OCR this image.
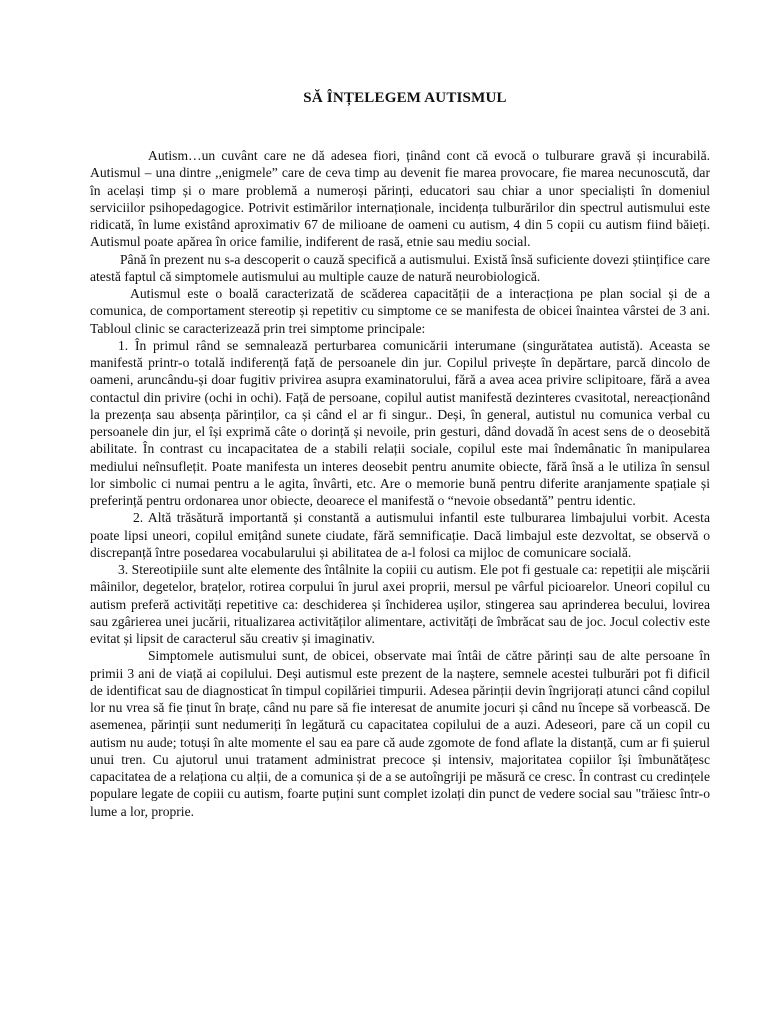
SĂ ÎNȚELEGEM AUTISMUL

Autism…un cuvânt care ne dă adesea fiori, ținând cont că evocă o tulburare gravă și incurabilă. Autismul – una dintre ,,enigmele” care de ceva timp au devenit fie marea provocare, fie marea necunoscută, dar în același timp și o mare problemă a numeroși părinți, educatori sau chiar a unor specialiști în domeniul serviciilor psihopedagogice. Potrivit estimărilor internaționale, incidența tulburărilor din spectrul autismului este ridicată, în lume existând aproximativ 67 de milioane de oameni cu autism, 4 din 5 copii cu autism fiind băieți. Autismul poate apărea în orice familie, indiferent de rasă, etnie sau mediu social.

Până în prezent nu s-a descoperit o cauză specifică a autismului. Există însă suficiente dovezi științifice care atestă faptul că simptomele autismului au multiple cauze de natură neurobiologică.

Autismul este o boală caracterizată de scăderea capacității de a interacționa pe plan social și de a comunica, de comportament stereotip și repetitiv cu simptome ce se manifesta de obicei înaintea vârstei de 3 ani. Tabloul clinic se caracterizează prin trei simptome principale:

1. În primul rând se semnalează perturbarea comunicării interumane (singurătatea autistă). Aceasta se manifestă printr-o totală indiferență față de persoanele din jur. Copilul privește în depărtare, parcă dincolo de oameni, aruncându-și doar fugitiv privirea asupra examinatorului, fără a avea acea privire sclipitoare, fără a avea contactul din privire (ochi in ochi). Față de persoane, copilul autist manifestă dezinteres cvasitotal, nereacționând la prezența sau absența părinților, ca și când el ar fi singur.. Deși, în general, autistul nu comunica verbal cu persoanele din jur, el își exprimă câte o dorință și nevoile, prin gesturi, dând dovadă în acest sens de o deosebită abilitate. În contrast cu incapacitatea de a stabili relații sociale, copilul este mai îndemânatic în manipularea mediului neînsuflețit. Poate manifesta un interes deosebit pentru anumite obiecte, fără însă a le utiliza în sensul lor simbolic ci numai pentru a le agita, învârti, etc. Are o memorie bună pentru diferite aranjamente spațiale și preferință pentru ordonarea unor obiecte, deoarece el manifestă o “nevoie obsedantă” pentru identic.

2. Altă trăsătură importantă și constantă a autismului infantil este tulburarea limbajului vorbit. Acesta poate lipsi uneori, copilul emițând sunete ciudate, fără semnificație. Dacă limbajul este dezvoltat, se observă o discrepanță între posedarea vocabularului și abilitatea de a-l folosi ca mijloc de comunicare socială.

3. Stereotipiile sunt alte elemente des întâlnite la copiii cu autism. Ele pot fi gestuale ca: repetiții ale mișcării mâinilor, degetelor, brațelor, rotirea corpului în jurul axei proprii, mersul pe vârful picioarelor. Uneori copilul cu autism preferă activități repetitive ca: deschiderea și închiderea ușilor, stingerea sau aprinderea becului, lovirea sau zgârierea unei jucării, ritualizarea activităților alimentare, activități de îmbrăcat sau de joc. Jocul colectiv este evitat și lipsit de caracterul său creativ și imaginativ.

Simptomele autismului sunt, de obicei, observate mai întâi de către părinți sau de alte persoane în primii 3 ani de viață ai copilului. Deși autismul este prezent de la naștere, semnele acestei tulburări pot fi dificil de identificat sau de diagnosticat în timpul copilăriei timpurii. Adesea părinții devin îngrijorați atunci când copilul lor nu vrea să fie ținut în brațe, când nu pare să fie interesat de anumite jocuri și când nu începe să vorbească. De asemenea, părinții sunt nedumeriți în legătură cu capacitatea copilului de a auzi. Adeseori, pare că un copil cu autism nu aude; totuși în alte momente el sau ea pare că aude zgomote de fond aflate la distanță, cum ar fi șuierul unui tren. Cu ajutorul unui tratament administrat precoce și intensiv, majoritatea copiilor își îmbunătățesc capacitatea de a relaționa cu alții, de a comunica și de a se autoîngriji pe măsură ce cresc. În contrast cu credințele populare legate de copiii cu autism, foarte puțini sunt complet izolați din punct de vedere social sau "trăiesc într-o lume a lor, proprie.
